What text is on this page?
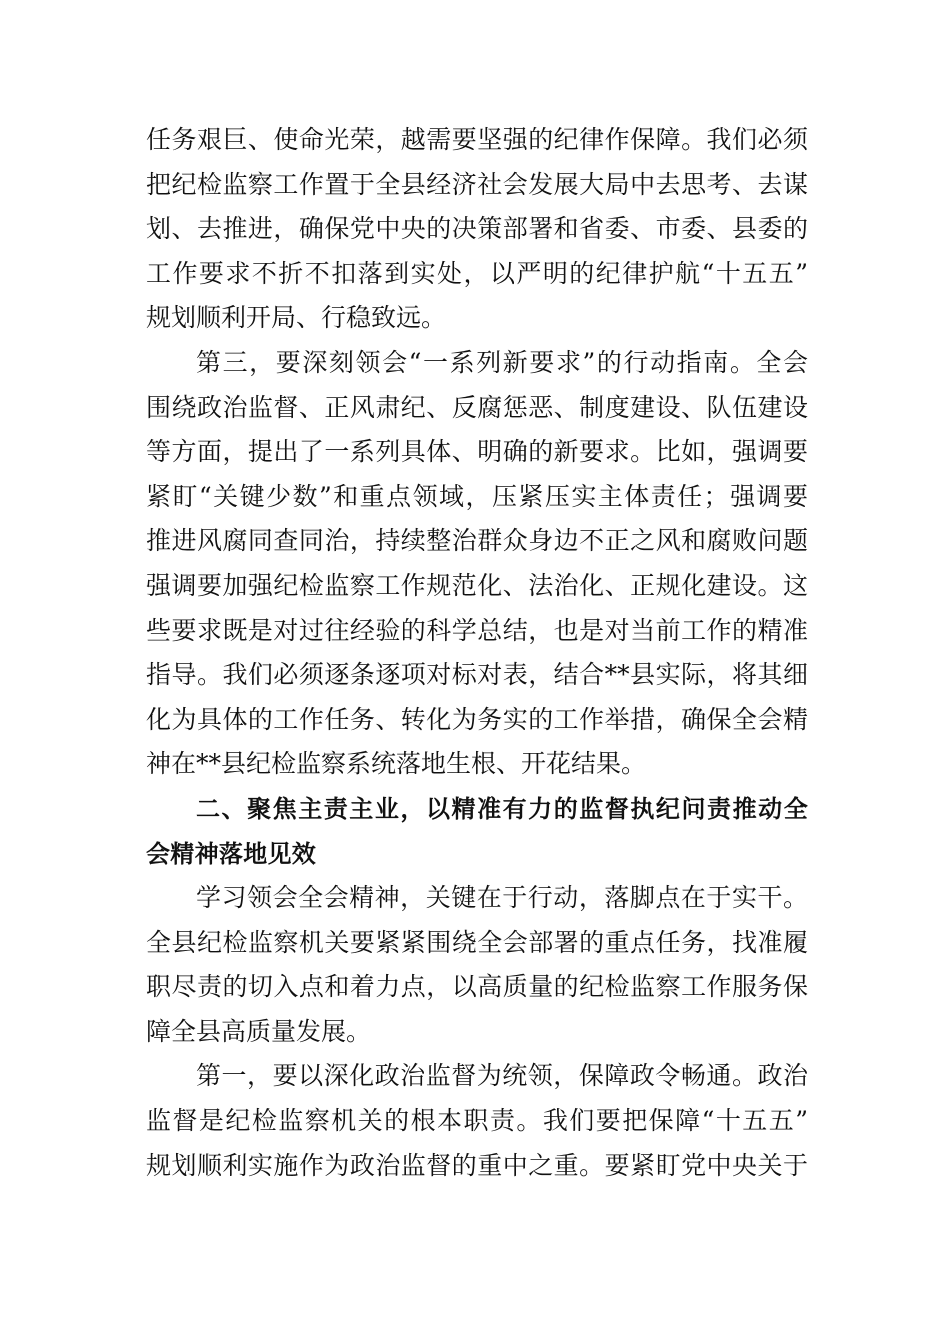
任务艰巨、使命光荣，越需要坚强的纪律作保障。我们必须
把纪检监察工作置于全县经济社会发展大局中去思考、去谋
划、去推进，确保党中央的决策部署和省委、市委、县委的
工作要求不折不扣落到实处，以严明的纪律护航“十五五”
规划顺利开局、行稳致远。
第三，要深刻领会“一系列新要求”的行动指南。全会
围绕政治监督、正风肃纪、反腐惩恶、制度建设、队伍建设
等方面，提出了一系列具体、明确的新要求。比如，强调要
紧盯“关键少数”和重点领域，压紧压实主体责任；强调要
推进风腐同查同治，持续整治群众身边不正之风和腐败问题
强调要加强纪检监察工作规范化、法治化、正规化建设。这
些要求既是对过往经验的科学总结，也是对当前工作的精准
指导。我们必须逐条逐项对标对表，结合**县实际，将其细
化为具体的工作任务、转化为务实的工作举措，确保全会精
神在**县纪检监察系统落地生根、开花结果。
二、聚焦主责主业，以精准有力的监督执纪问责推动全
会精神落地见效
学习领会全会精神，关键在于行动，落脚点在于实干。
全县纪检监察机关要紧紧围绕全会部署的重点任务，找准履
职尽责的切入点和着力点，以高质量的纪检监察工作服务保
障全县高质量发展。
第一，要以深化政治监督为统领，保障政令畅通。政治
监督是纪检监察机关的根本职责。我们要把保障“十五五”
规划顺利实施作为政治监督的重中之重。要紧盯党中央关于
